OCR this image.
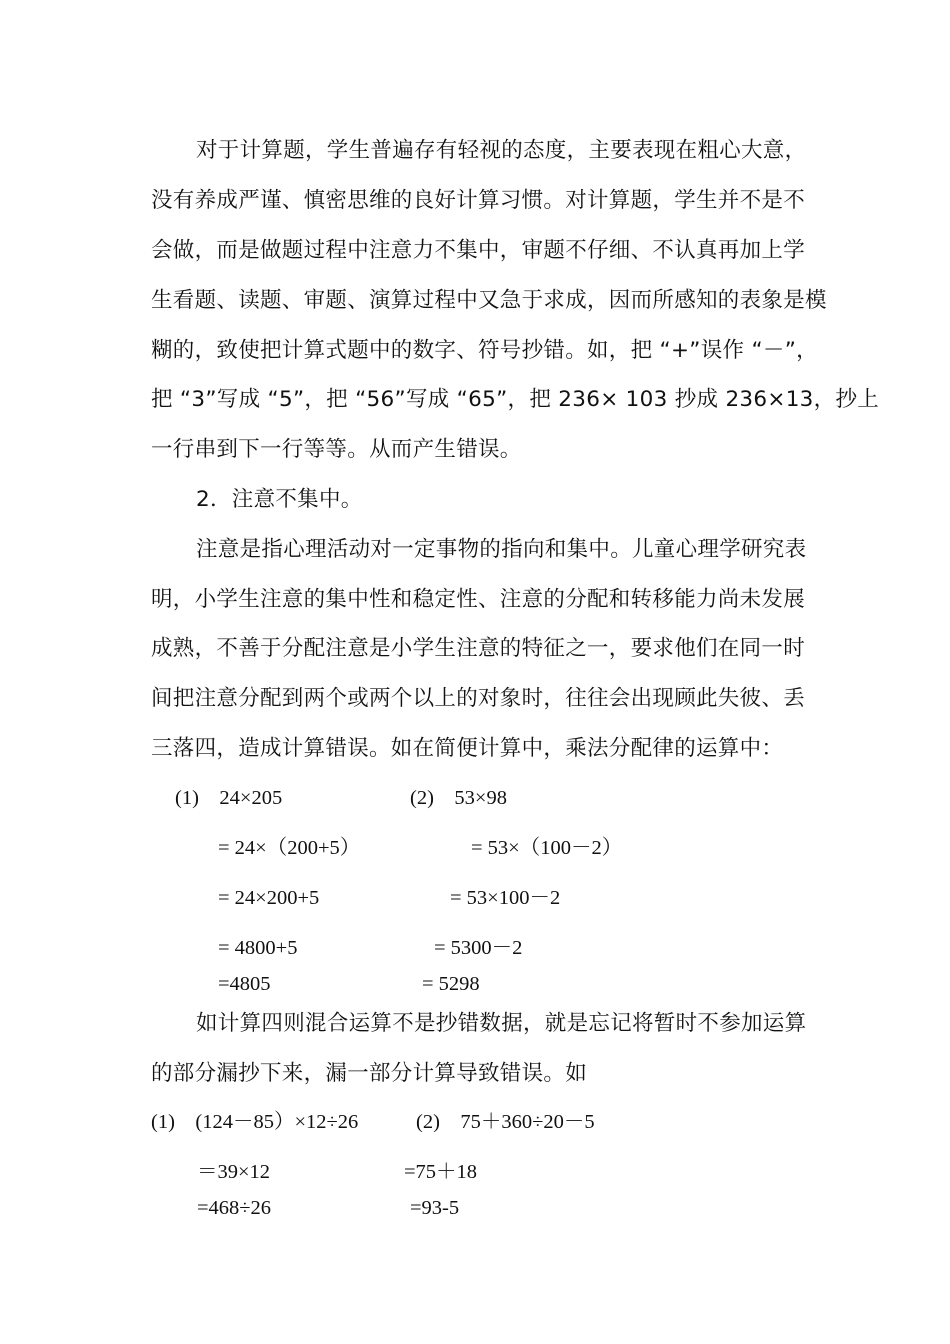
对于计算题，学生普遍存有轻视的态度，主要表现在粗心大意，
没有养成严谨、慎密思维的良好计算习惯。对计算题，学生并不是不
会做，而是做题过程中注意力不集中，审题不仔细、不认真再加上学
生看题、读题、审题、演算过程中又急于求成，因而所感知的表象是模
糊的，致使把计算式题中的数字、符号抄错。如，把 “+”误作 “－”，
把 “3”写成 “5”，把 “56”写成 “65”，把 236× 103 抄成 236×13，抄上
一行串到下一行等等。从而产生错误。
2．注意不集中。
注意是指心理活动对一定事物的指向和集中。儿童心理学研究表
明，小学生注意的集中性和稳定性、注意的分配和转移能力尚未发展
成熟，不善于分配注意是小学生注意的特征之一，要求他们在同一时
间把注意分配到两个或两个以上的对象时，往往会出现顾此失彼、丢
三落四，造成计算错误。如在简便计算中，乘法分配律的运算中：
(1)　24×205
= 24×（200+5）
= 24×200+5
= 4800+5
=4805
(2)　53×98
= 53×（100－2）
= 53×100－2
= 5300－2
= 5298
如计算四则混合运算不是抄错数据，就是忘记将暂时不参加运算
的部分漏抄下来，漏一部分计算导致错误。如
(1)　(124－85）×12÷26
＝39×12
=468÷26
(2)　75＋360÷20－5
=75＋18
=93-5
